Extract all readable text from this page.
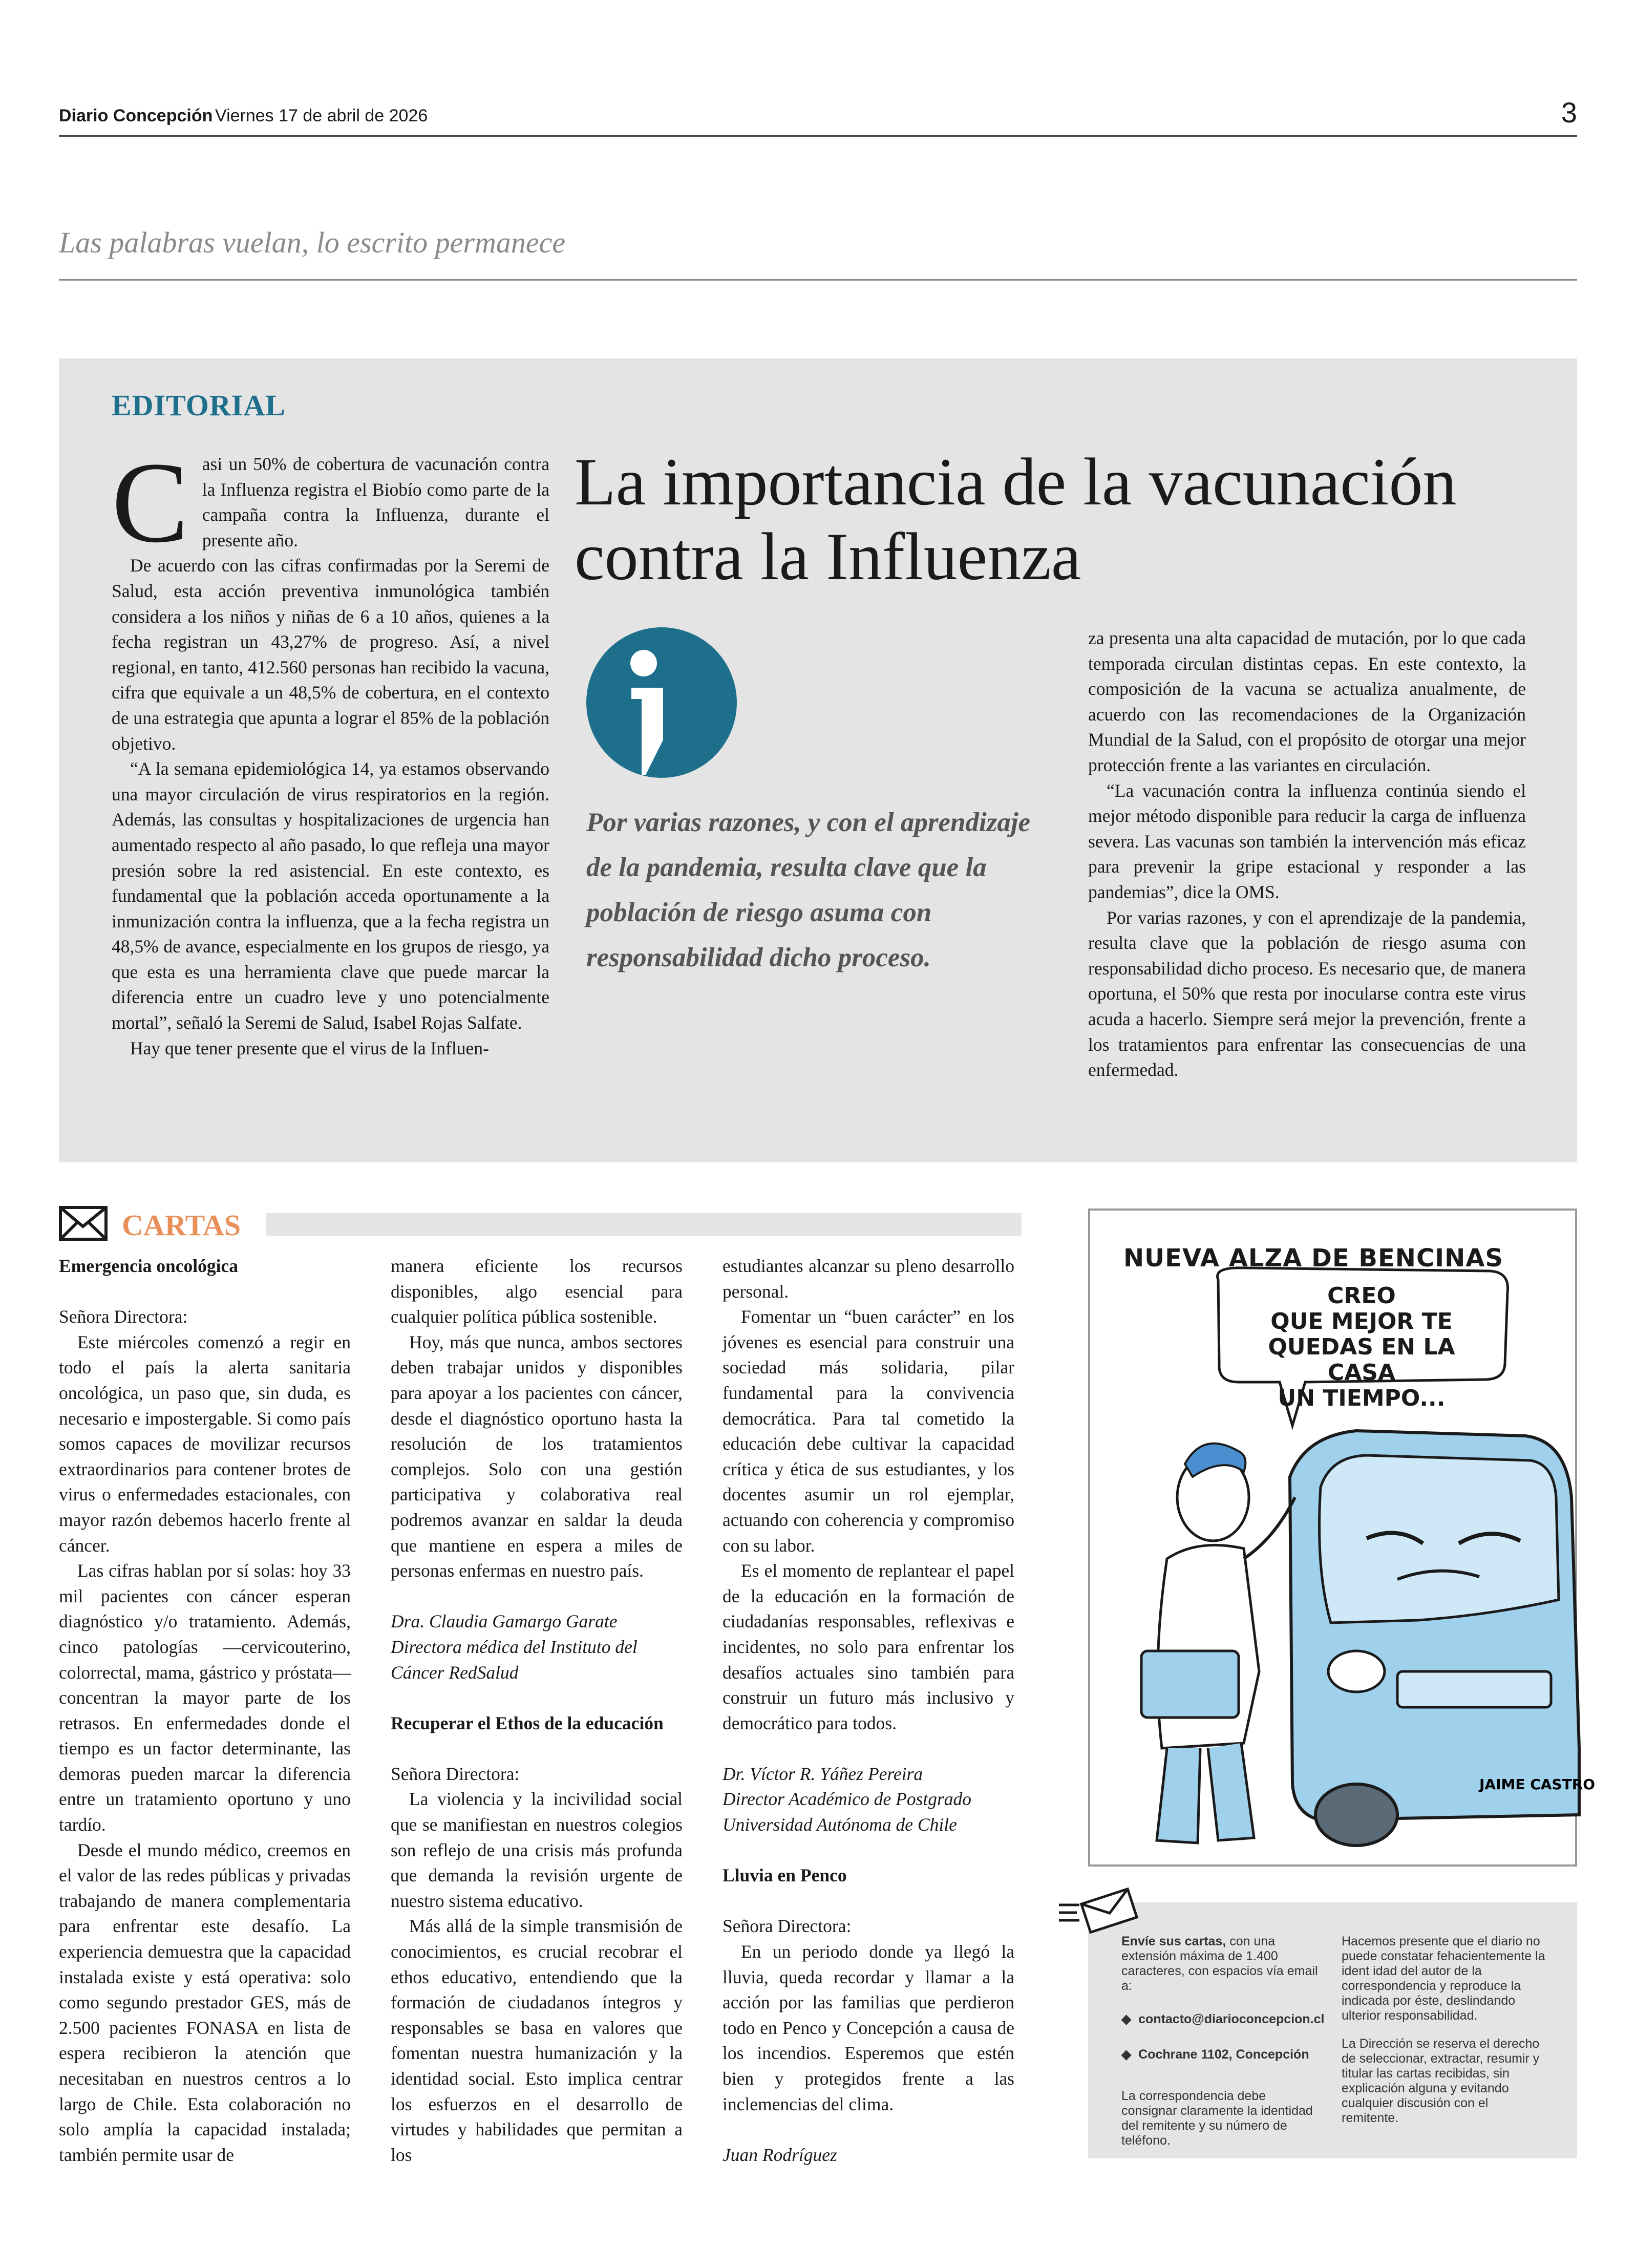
Diario Concepción Viernes 17 de abril de 2026	3
Las palabras vuelan, lo escrito permanece
EDITORIAL
C asi un 50% de cobertura de vacunación contra la Influenza registra el Biobío como parte de la campaña contra la Influenza, durante el presente año.

De acuerdo con las cifras confirmadas por la Seremi de Salud, esta acción preventiva inmunológica también considera a los niños y niñas de 6 a 10 años, quienes a la fecha registran un 43,27% de progreso. Así, a nivel regional, en tanto, 412.560 personas han recibido la vacuna, cifra que equivale a un 48,5% de cobertura, en el contexto de una estrategia que apunta a lograr el 85% de la población objetivo.

“A la semana epidemiológica 14, ya estamos observando una mayor circulación de virus respiratorios en la región. Además, las consultas y hospitalizaciones de urgencia han aumentado respecto al año pasado, lo que refleja una mayor presión sobre la red asistencial. En este contexto, es fundamental que la población acceda oportunamente a la inmunización contra la influenza, que a la fecha registra un 48,5% de avance, especialmente en los grupos de riesgo, ya que esta es una herramienta clave que puede marcar la diferencia entre un cuadro leve y uno potencialmente mortal”, señaló la Seremi de Salud, Isabel Rojas Salfate.

Hay que tener presente que el virus de la Influen-

La importancia de la vacunación contra la Influenza
Por varias razones, y con el aprendizaje de la pandemia, resulta clave que la población de riesgo asuma con responsabilidad dicho proceso.

za presenta una alta capacidad de mutación, por lo que cada temporada circulan distintas cepas. En este contexto, la composición de la vacuna se actualiza anualmente, de acuerdo con las recomendaciones de la Organización Mundial de la Salud, con el propósito de otorgar una mejor protección frente a las variantes en circulación.

“La vacunación contra la influenza continúa siendo el mejor método disponible para reducir la carga de influenza severa. Las vacunas son también la intervención más eficaz para prevenir la gripe estacional y responder a las pandemias”, dice la OMS.

Por varias razones, y con el aprendizaje de la pandemia, resulta clave que la población de riesgo asuma con responsabilidad dicho proceso. Es necesario que, de manera oportuna, el 50% que resta por inocularse contra este virus acuda a hacerlo. Siempre será mejor la prevención, frente a los tratamientos para enfrentar las consecuencias de una enfermedad.

CARTAS
Emergencia oncológica

Señora Directora:

Este miércoles comenzó a regir en todo el país la alerta sanitaria oncológica, un paso que, sin duda, es necesario e impostergable. Si como país somos capaces de movilizar recursos extraordinarios para contener brotes de virus o enfermedades estacionales, con mayor razón debemos hacerlo frente al cáncer.

Las cifras hablan por sí solas: hoy 33 mil pacientes con cáncer esperan diagnóstico y/o tratamiento. Además, cinco patologías —cervicouterino, colorrectal, mama, gástrico y próstata— concentran la mayor parte de los retrasos. En enfermedades donde el tiempo es un factor determinante, las demoras pueden marcar la diferencia entre un tratamiento oportuno y uno tardío.

Desde el mundo médico, creemos en el valor de las redes públicas y privadas trabajando de manera complementaria para enfrentar este desafío. La experiencia demuestra que la capacidad instalada existe y está operativa: solo como segundo prestador GES, más de 2.500 pacientes FONASA en lista de espera recibieron la atención que necesitaban en nuestros centros a lo largo de Chile. Esta colaboración no solo amplía la capacidad instalada; también permite usar de

manera eficiente los recursos disponibles, algo esencial para cualquier política pública sostenible.

Hoy, más que nunca, ambos sectores deben trabajar unidos y disponibles para apoyar a los pacientes con cáncer, desde el diagnóstico oportuno hasta la resolución de los tratamientos complejos. Solo con una gestión participativa y colaborativa real podremos avanzar en saldar la deuda que mantiene en espera a miles de personas enfermas en nuestro país.

Dra. Claudia Gamargo Garate

Directora médica del Instituto del Cáncer RedSalud

Recuperar el Ethos de la educación

Señora Directora:

La violencia y la incivilidad social que se manifiestan en nuestros colegios son reflejo de una crisis más profunda que demanda la revisión urgente de nuestro sistema educativo.

Más allá de la simple transmisión de conocimientos, es crucial recobrar el ethos educativo, entendiendo que la formación de ciudadanos íntegros y responsables se basa en valores que fomentan nuestra humanización y la identidad social. Esto implica centrar los esfuerzos en el desarrollo de virtudes y habilidades que permitan a los

estudiantes alcanzar su pleno desarrollo personal.

Fomentar un “buen carácter” en los jóvenes es esencial para construir una sociedad más solidaria, pilar fundamental para la convivencia democrática. Para tal cometido la educación debe cultivar la capacidad crítica y ética de sus estudiantes, y los docentes asumir un rol ejemplar, actuando con coherencia y compromiso con su labor.

Es el momento de replantear el papel de la educación en la formación de ciudadanías responsables, reflexivas e incidentes, no solo para enfrentar los desafíos actuales sino también para construir un futuro más inclusivo y democrático para todos.

Dr. Víctor R. Yáñez Pereira

Director Académico de Postgrado

Universidad Autónoma de Chile

Lluvia en Penco

Señora Directora:

En un periodo donde ya llegó la lluvia, queda recordar y llamar a la acción por las familias que perdieron todo en Penco y Concepción a causa de los incendios. Esperemos que estén bien y protegidos frente a las inclemencias del clima.

Juan Rodríguez

JAIME CASTRO
NUEVA ALZA DE BENCINAS
CREO
QUE MEJOR TE
QUEDAS EN LA CASA
UN TIEMPO...

Envíe sus cartas, con una extensión máxima de 1.400 caracteres, con espacios vía email a:

◆ contacto@diarioconcepcion.cl

◆ Cochrane 1102, Concepción

La correspondencia debe consignar claramente la identidad del remitente y su número de teléfono.

Hacemos presente que el diario no puede constatar fehacientemente la ident idad del autor de la correspondencia y reproduce la indicada por éste, deslindando ulterior responsabilidad.

La Dirección se reserva el derecho de seleccionar, extractar, resumir y titular las cartas recibidas, sin explicación alguna y evitando cualquier discusión con el remitente.
